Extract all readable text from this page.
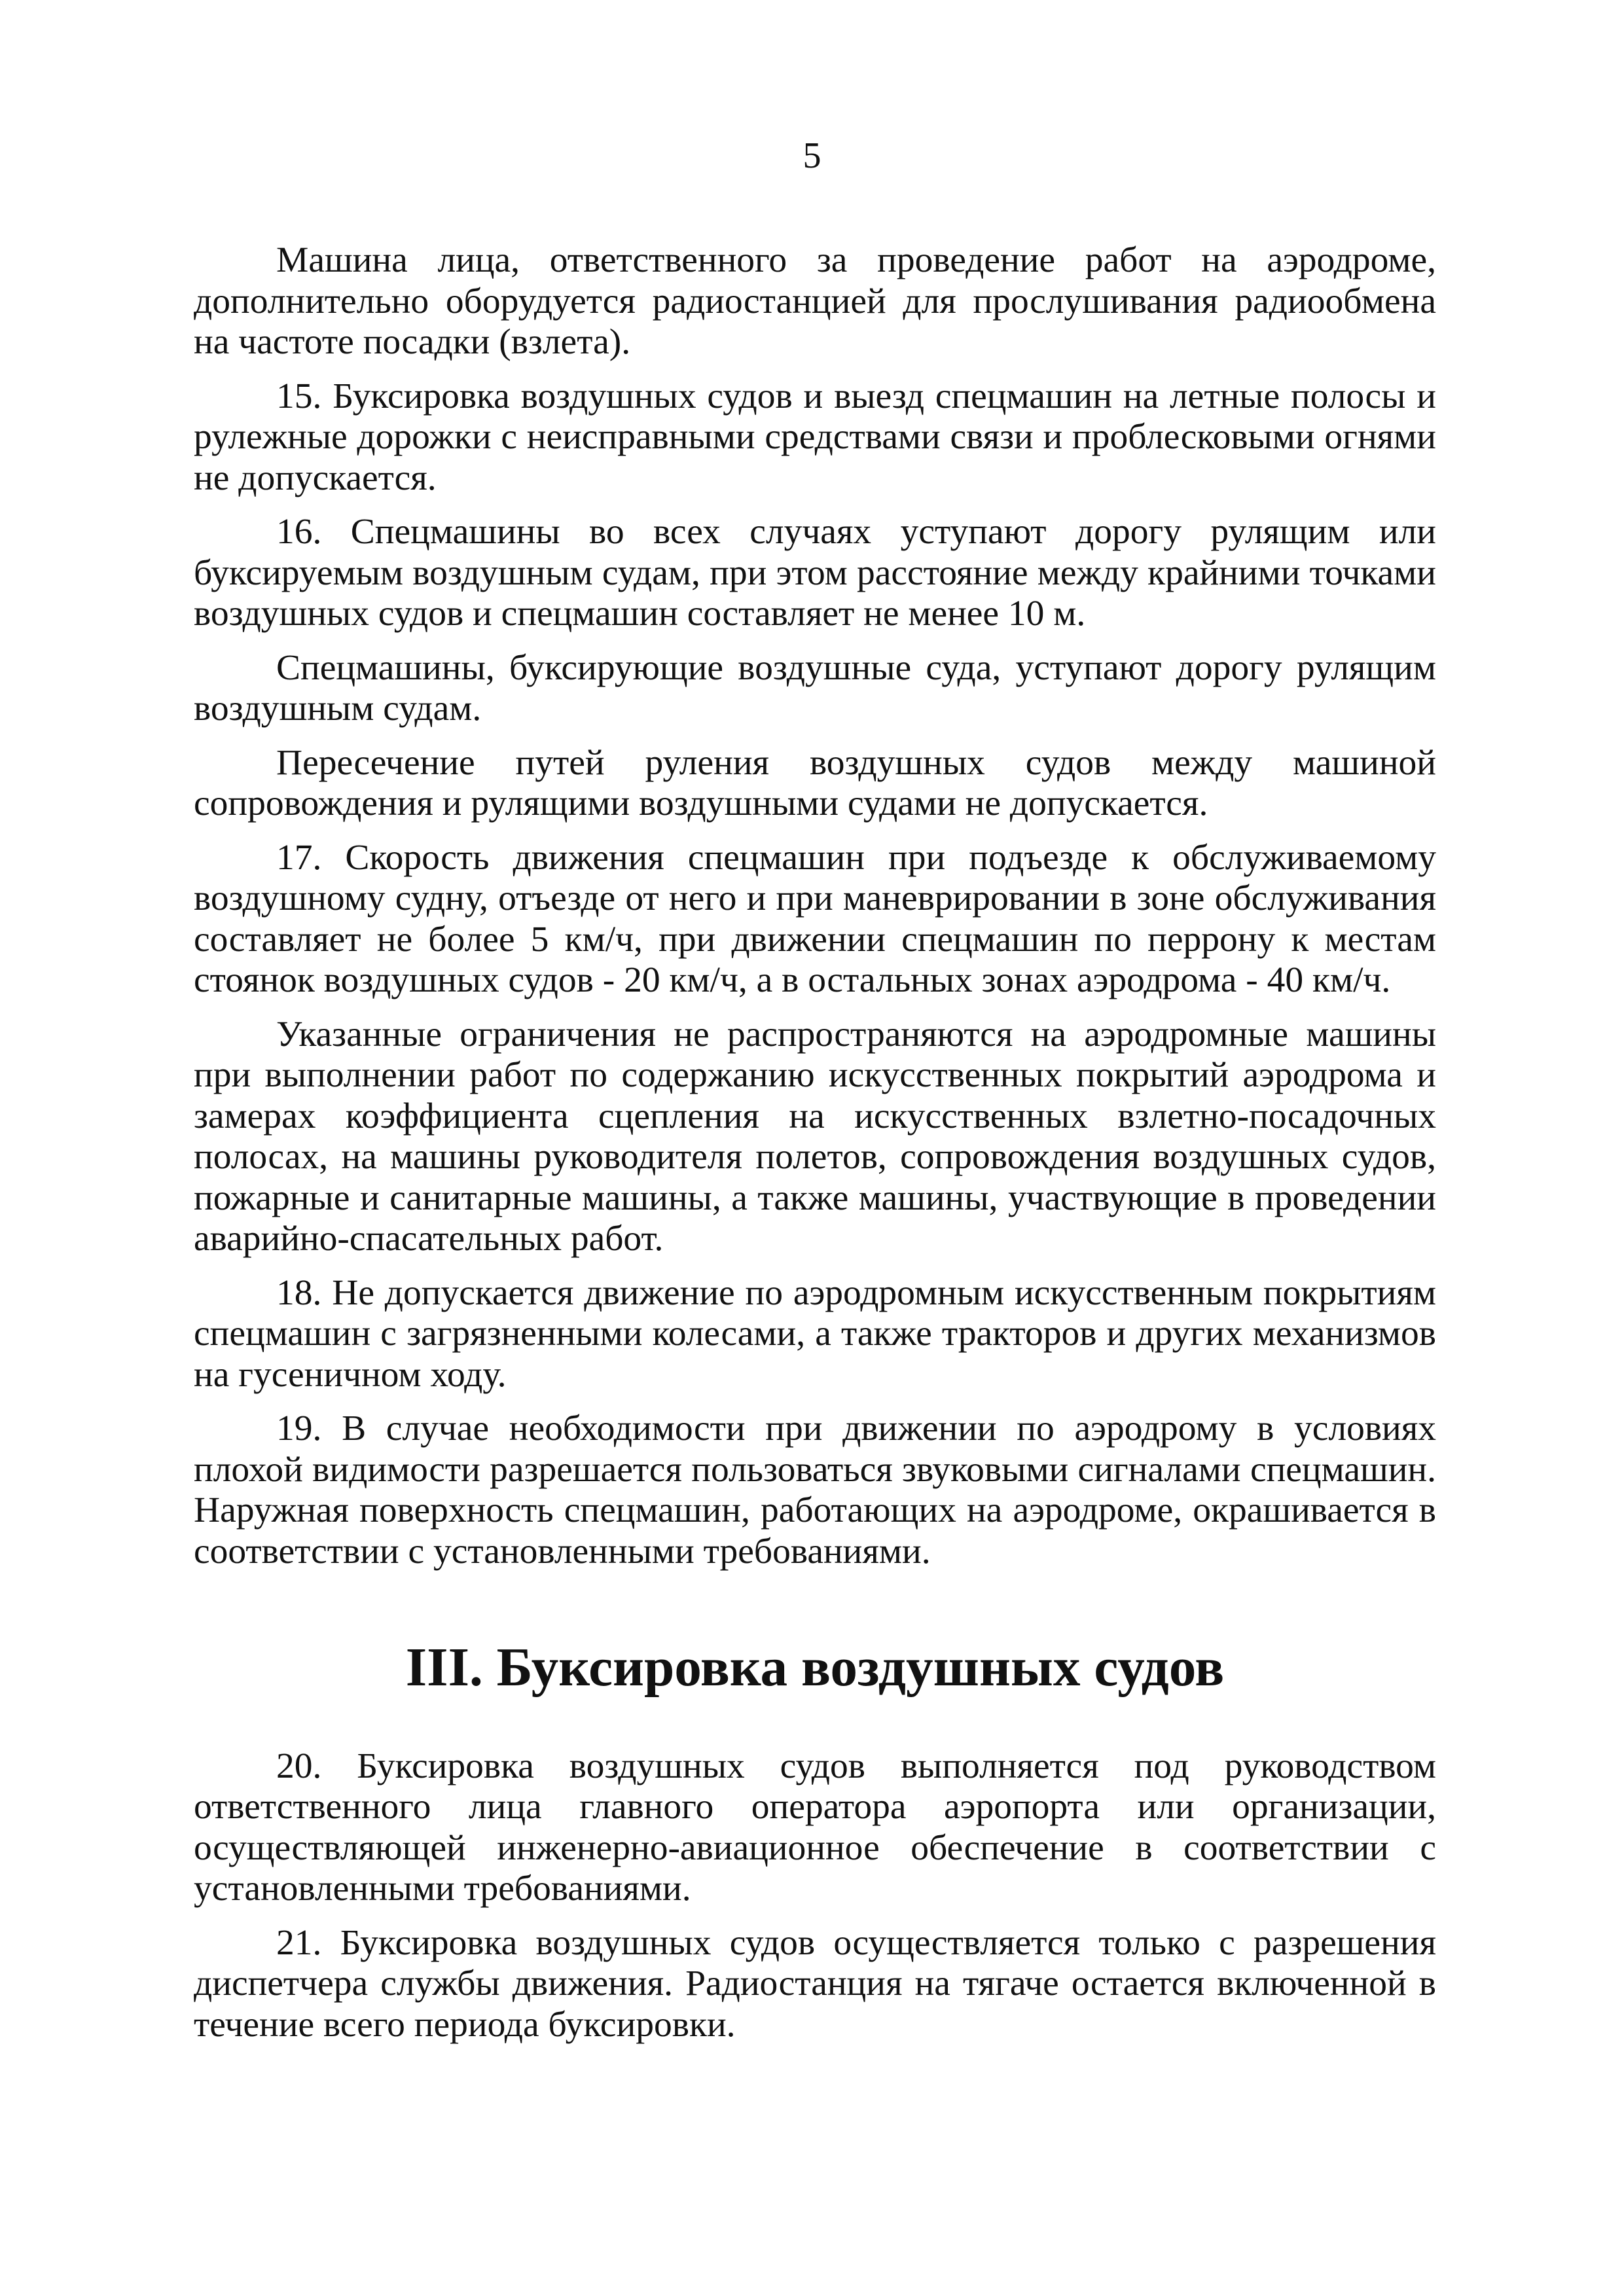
5

Машина лица, ответственного за проведение работ на аэродроме, дополнительно оборудуется радиостанцией для прослушивания радиообмена на частоте посадки (взлета).

15. Буксировка воздушных судов и выезд спецмашин на летные полосы и рулежные дорожки с неисправными средствами связи и проблесковыми огнями не допускается.

16. Спецмашины во всех случаях уступают дорогу рулящим или буксируемым воздушным судам, при этом расстояние между крайними точками воздушных судов и спецмашин составляет не менее 10 м.

Спецмашины, буксирующие воздушные суда, уступают дорогу рулящим воздушным судам.

Пересечение путей руления воздушных судов между машиной сопровождения и рулящими воздушными судами не допускается.

17. Скорость движения спецмашин при подъезде к обслуживаемому воздушному судну, отъезде от него и при маневрировании в зоне обслуживания составляет не более 5 км/ч, при движении спецмашин по перрону к местам стоянок воздушных судов - 20 км/ч, а в остальных зонах аэродрома - 40 км/ч.

Указанные ограничения не распространяются на аэродромные машины при выполнении работ по содержанию искусственных покрытий аэродрома и замерах коэффициента сцепления на искусственных взлетно-посадочных полосах, на машины руководителя полетов, сопровождения воздушных судов, пожарные и санитарные машины, а также машины, участвующие в проведении аварийно-спасательных работ.

18. Не допускается движение по аэродромным искусственным покрытиям спецмашин с загрязненными колесами, а также тракторов и других механизмов на гусеничном ходу.

19. В случае необходимости при движении по аэродрому в условиях плохой видимости разрешается пользоваться звуковыми сигналами спецмашин. Наружная поверхность спецмашин, работающих на аэродроме, окрашивается в соответствии с установленными требованиями.

III. Буксировка воздушных судов

20. Буксировка воздушных судов выполняется под руководством ответственного лица главного оператора аэропорта или организации, осуществляющей инженерно-авиационное обеспечение в соответствии с установленными требованиями.

21. Буксировка воздушных судов осуществляется только с разрешения диспетчера службы движения. Радиостанция на тягаче остается включенной в течение всего периода буксировки.
